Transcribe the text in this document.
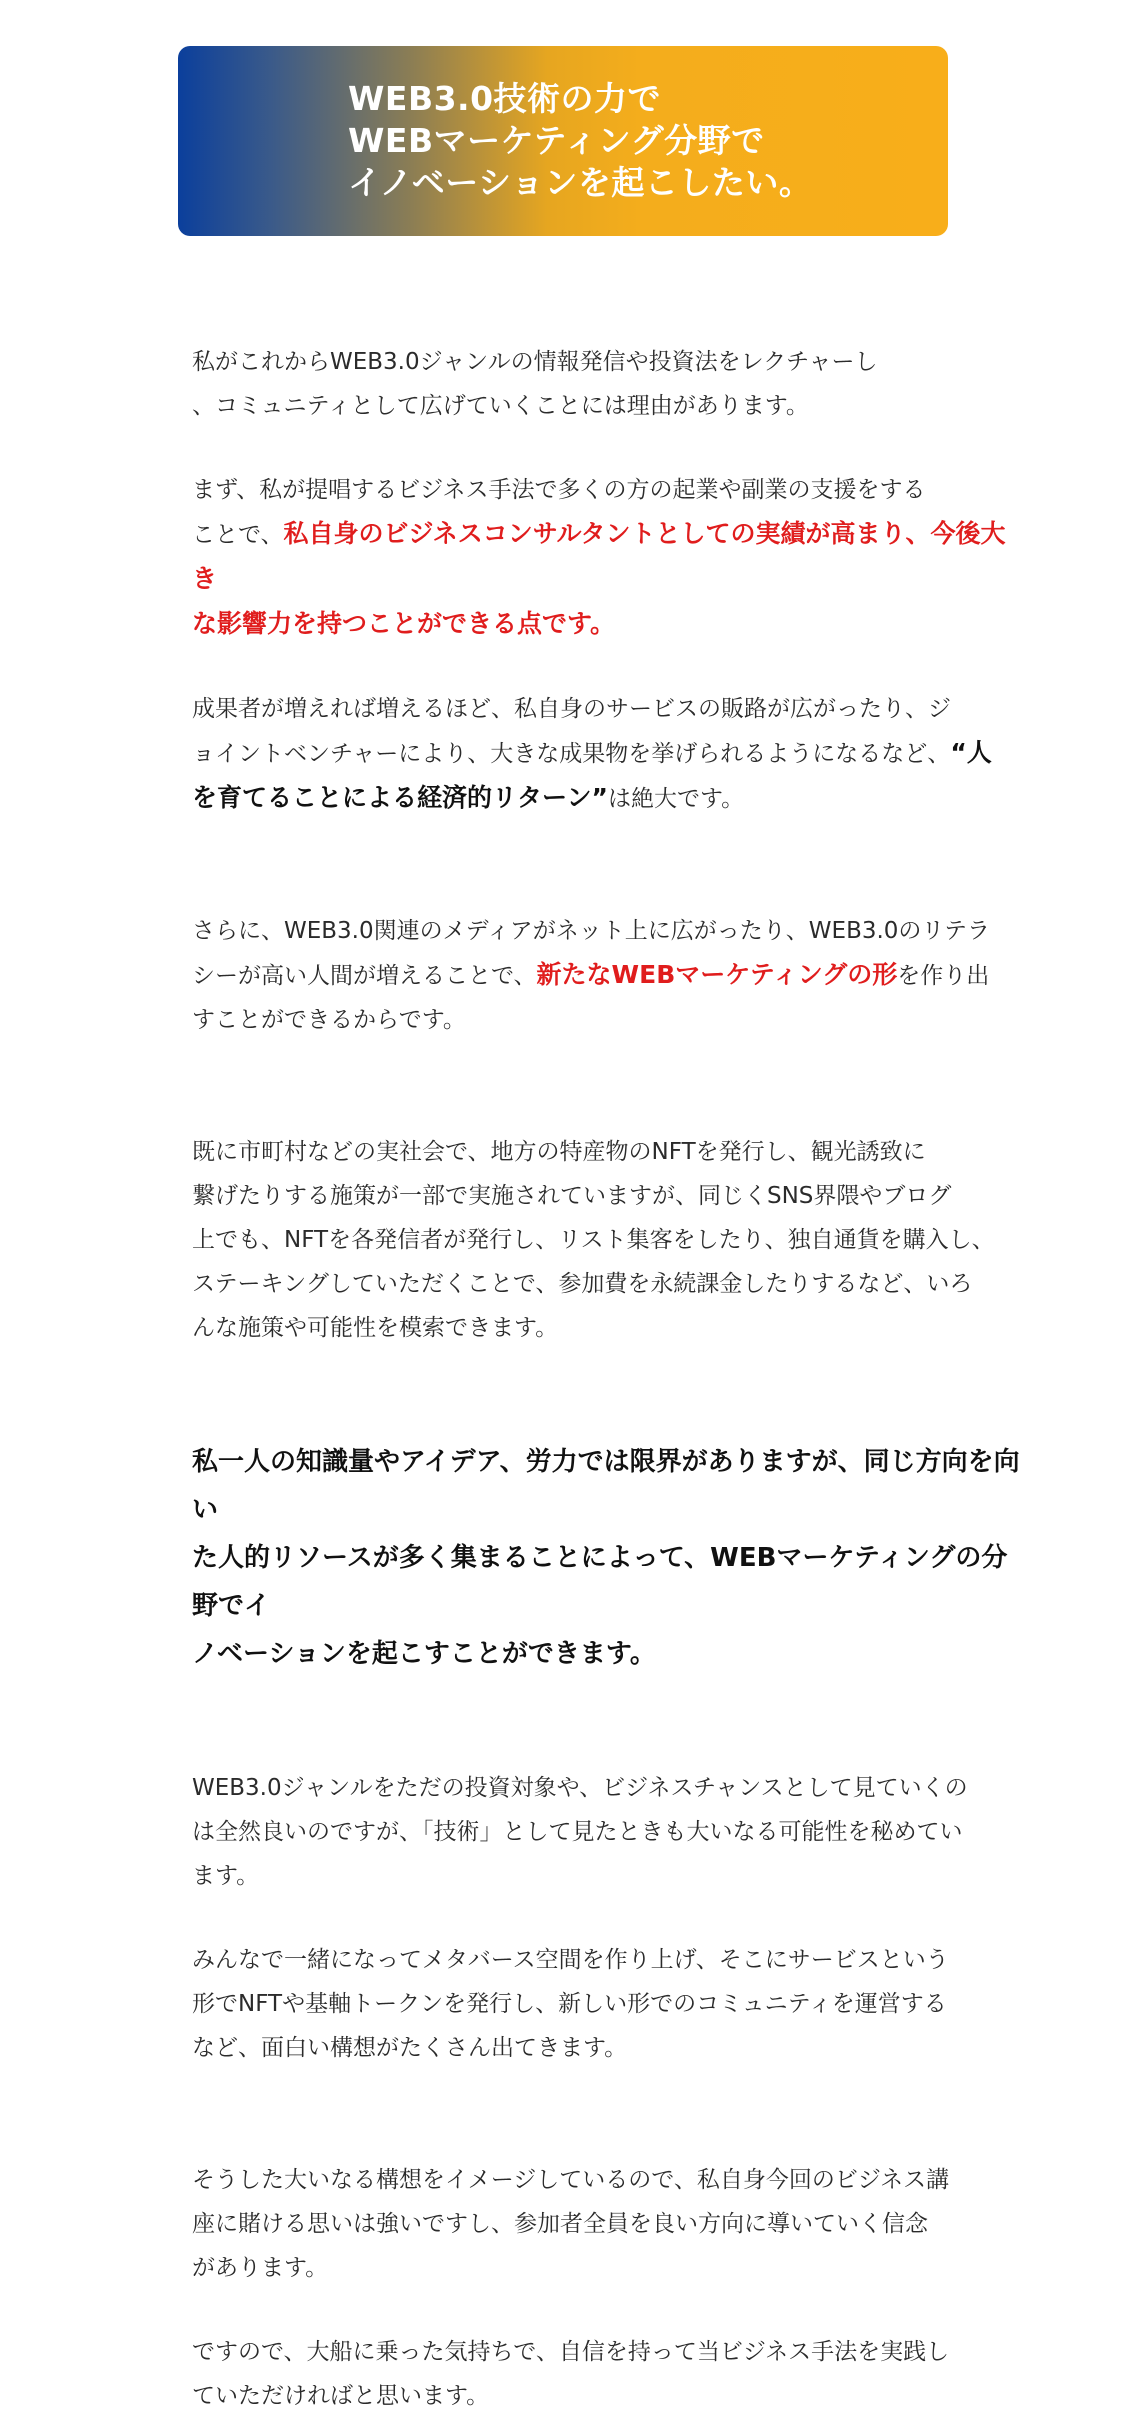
WEB3.0技術の力で
WEBマーケティング分野で
イノベーションを起こしたい。

私がこれからWEB3.0ジャンルの情報発信や投資法をレクチャーし
、コミュニティとして広げていくことには理由があります。

まず、私が提唱するビジネス手法で多くの方の起業や副業の支援をする
ことで、私自身のビジネスコンサルタントとしての実績が高まり、今後大き
な影響力を持つことができる点です。

成果者が増えれば増えるほど、私自身のサービスの販路が広がったり、ジ
ョイントベンチャーにより、大きな成果物を挙げられるようになるなど、“人
を育てることによる経済的リターン”は絶大です。

さらに、WEB3.0関連のメディアがネット上に広がったり、WEB3.0のリテラ
シーが高い人間が増えることで、新たなWEBマーケティングの形を作り出
すことができるからです。

既に市町村などの実社会で、地方の特産物のNFTを発行し、観光誘致に
繋げたりする施策が一部で実施されていますが、同じくSNS界隈やブログ
上でも、NFTを各発信者が発行し、リスト集客をしたり、独自通貨を購入し、
ステーキングしていただくことで、参加費を永続課金したりするなど、いろ
んな施策や可能性を模索できます。

私一人の知識量やアイデア、労力では限界がありますが、同じ方向を向い
た人的リソースが多く集まることによって、WEBマーケティングの分野でイ
ノベーションを起こすことができます。

WEB3.0ジャンルをただの投資対象や、ビジネスチャンスとして見ていくの
は全然良いのですが、「技術」として見たときも大いなる可能性を秘めてい
ます。

みんなで一緒になってメタバース空間を作り上げ、そこにサービスという
形でNFTや基軸トークンを発行し、新しい形でのコミュニティを運営する
など、面白い構想がたくさん出てきます。

そうした大いなる構想をイメージしているので、私自身今回のビジネス講
座に賭ける思いは強いですし、参加者全員を良い方向に導いていく信念
があります。

ですので、大船に乗った気持ちで、自信を持って当ビジネス手法を実践し
ていただければと思います。
